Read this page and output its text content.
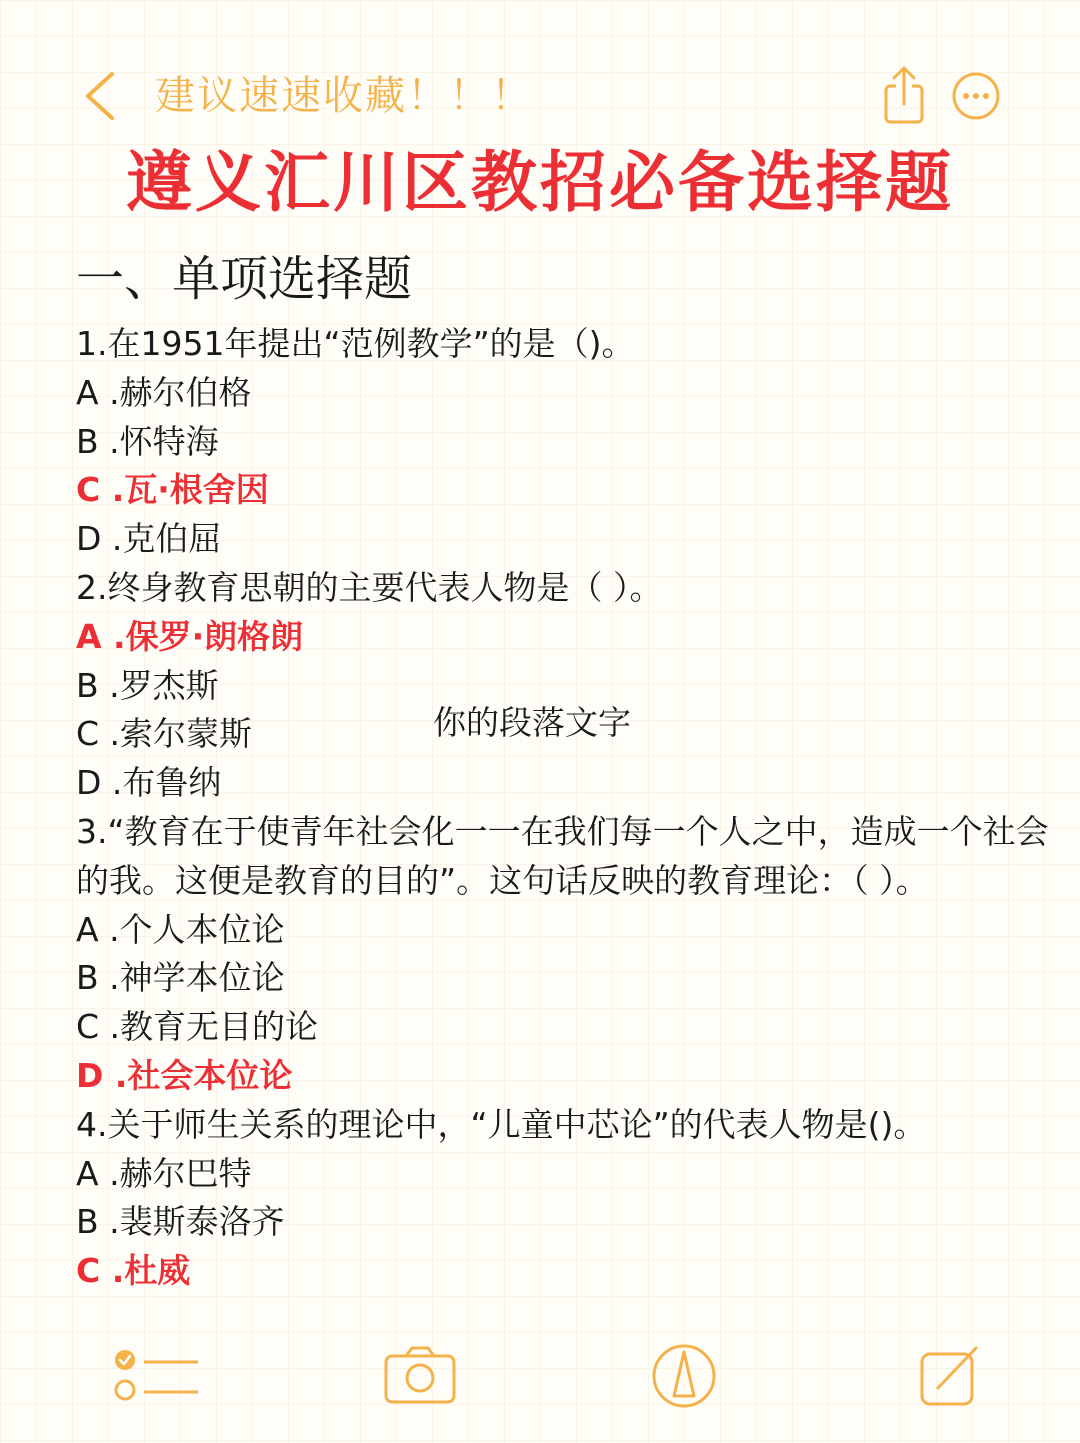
建议速速收藏！！！
遵义汇川区教招必备选择题
一、单项选择题
1.在1951年提出“范例教学”的是（)。
A .赫尔伯格
B .怀特海
C .瓦·根舍因
D .克伯屈
2.终身教育思朝的主要代表人物是（ ）。
A .保罗·朗格朗
B .罗杰斯
C .索尔蒙斯
D .布鲁纳
3.“教育在于使青年社会化一一在我们每一个人之中，造成一个社会的我。这便是教育的目的”。这句话反映的教育理论：（ ）。
A .个人本位论
B .神学本位论
C .教育无目的论
D .社会本位论
4.关于师生关系的理论中，“儿童中芯论”的代表人物是()。
A .赫尔巴特
B .裴斯泰洛齐
C .杜威
你的段落文字
